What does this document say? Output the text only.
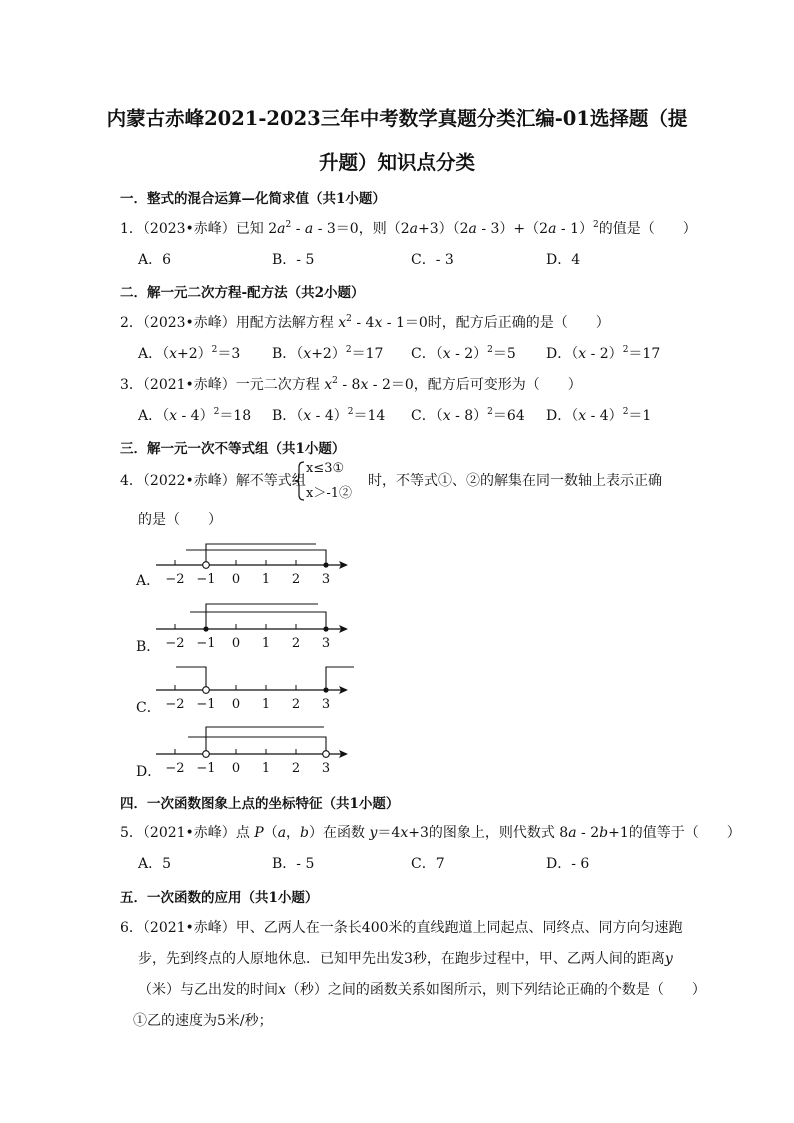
内蒙古赤峰2021-2023三年中考数学真题分类汇编-01选择题（提
升题）知识点分类
一．整式的混合运算—化简求值（共1小题）
1．（2023•赤峰）已知 $2a^2 - a - 3=0$，则（2a+3）（2a - 3）+（2a - 1）$^2$的值是（　　）
A．6	B．- 5	C．- 3	D．4
二．解一元二次方程-配方法（共2小题）
2．（2023•赤峰）用配方法解方程 $x^2 - 4x - 1=0$时，配方后正确的是（　　）
A．$(x+2)^2=3$ B．$(x+2)^2=17$ C．（x - 2）$^2$＝5 D．（x - 2）$^2$＝17
3．（2021•赤峰）一元二次方程 $x^2 - 8x - 2=0$，配方后可变形为（　　）
A．（x - 4）$^2$＝18 B．（x - 4）$^2$＝14 C．（x - 8）$^2$＝64 D．（x - 4）$^2$＝1
三．解一元一次不等式组（共1小题）
4．（2022•赤峰）解不等式组
x≤3①
x＞-1②
时，不等式①、②的解集在同一数轴上表示正确
的是（　　）
A．
B．
C．
D．
−2 −1 0 1 2 3
−2 −1 0 1 2 3
−2 −1 0 1 2 3
−2 −1 0 1 2 3
四．一次函数图象上点的坐标特征（共1小题）
5．（2021•赤峰）点 P（a，b）在函数 y＝4x+3的图象上，则代数式 8a - 2b+1的值等于（　　）
A．5	B．- 5	C．7	D．- 6
五．一次函数的应用（共1小题）
6．（2021•赤峰）甲、乙两人在一条长400米的直线跑道上同起点、同终点、同方向匀速跑
步，先到终点的人原地休息．已知甲先出发3秒，在跑步过程中，甲、乙两人间的距离y
（米）与乙出发的时间x（秒）之间的函数关系如图所示，则下列结论正确的个数是（　　）
①乙的速度为5米/秒；
